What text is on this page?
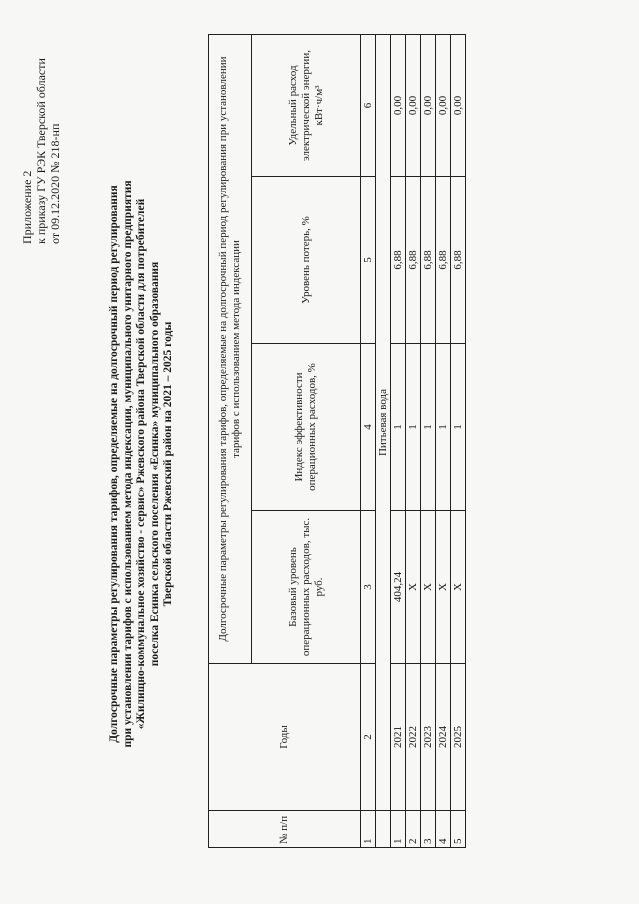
Приложение 2 к приказу ГУ РЭК Тверской области от 09.12.2020 № 218-нп
Долгосрочные параметры регулирования тарифов, определяемые на долгосрочный период регулирования при установлении тарифов с использованием метода индексации, муниципального унитарного предприятия «Жилищно-коммунальное хозяйство - сервис» Ржевского района Тверской области для потребителей поселка Есинка сельского поселения «Есинка» муниципального образования Тверской области Ржевский район на 2021 – 2025 годы
№ п/п	Годы	Долгосрочные параметры регулирования тарифов, определяемые на долгосрочный период регулирования при установлении тарифов с использованием метода индексации			
		Базовый уровень операционных расходов, тыс. руб.	Индекс эффективности операционных расходов, %	Уровень потерь, %	Удельный расход электрической энергии, кВт·ч/м³
1	2	3	4	5	6
	Питьевая вода				
1	2021	404,24	1	6,88	0,00
2	2022	X	1	6,88	0,00
3	2023	X	1	6,88	0,00
4	2024	X	1	6,88	0,00
5	2025	X	1	6,88	0,00
